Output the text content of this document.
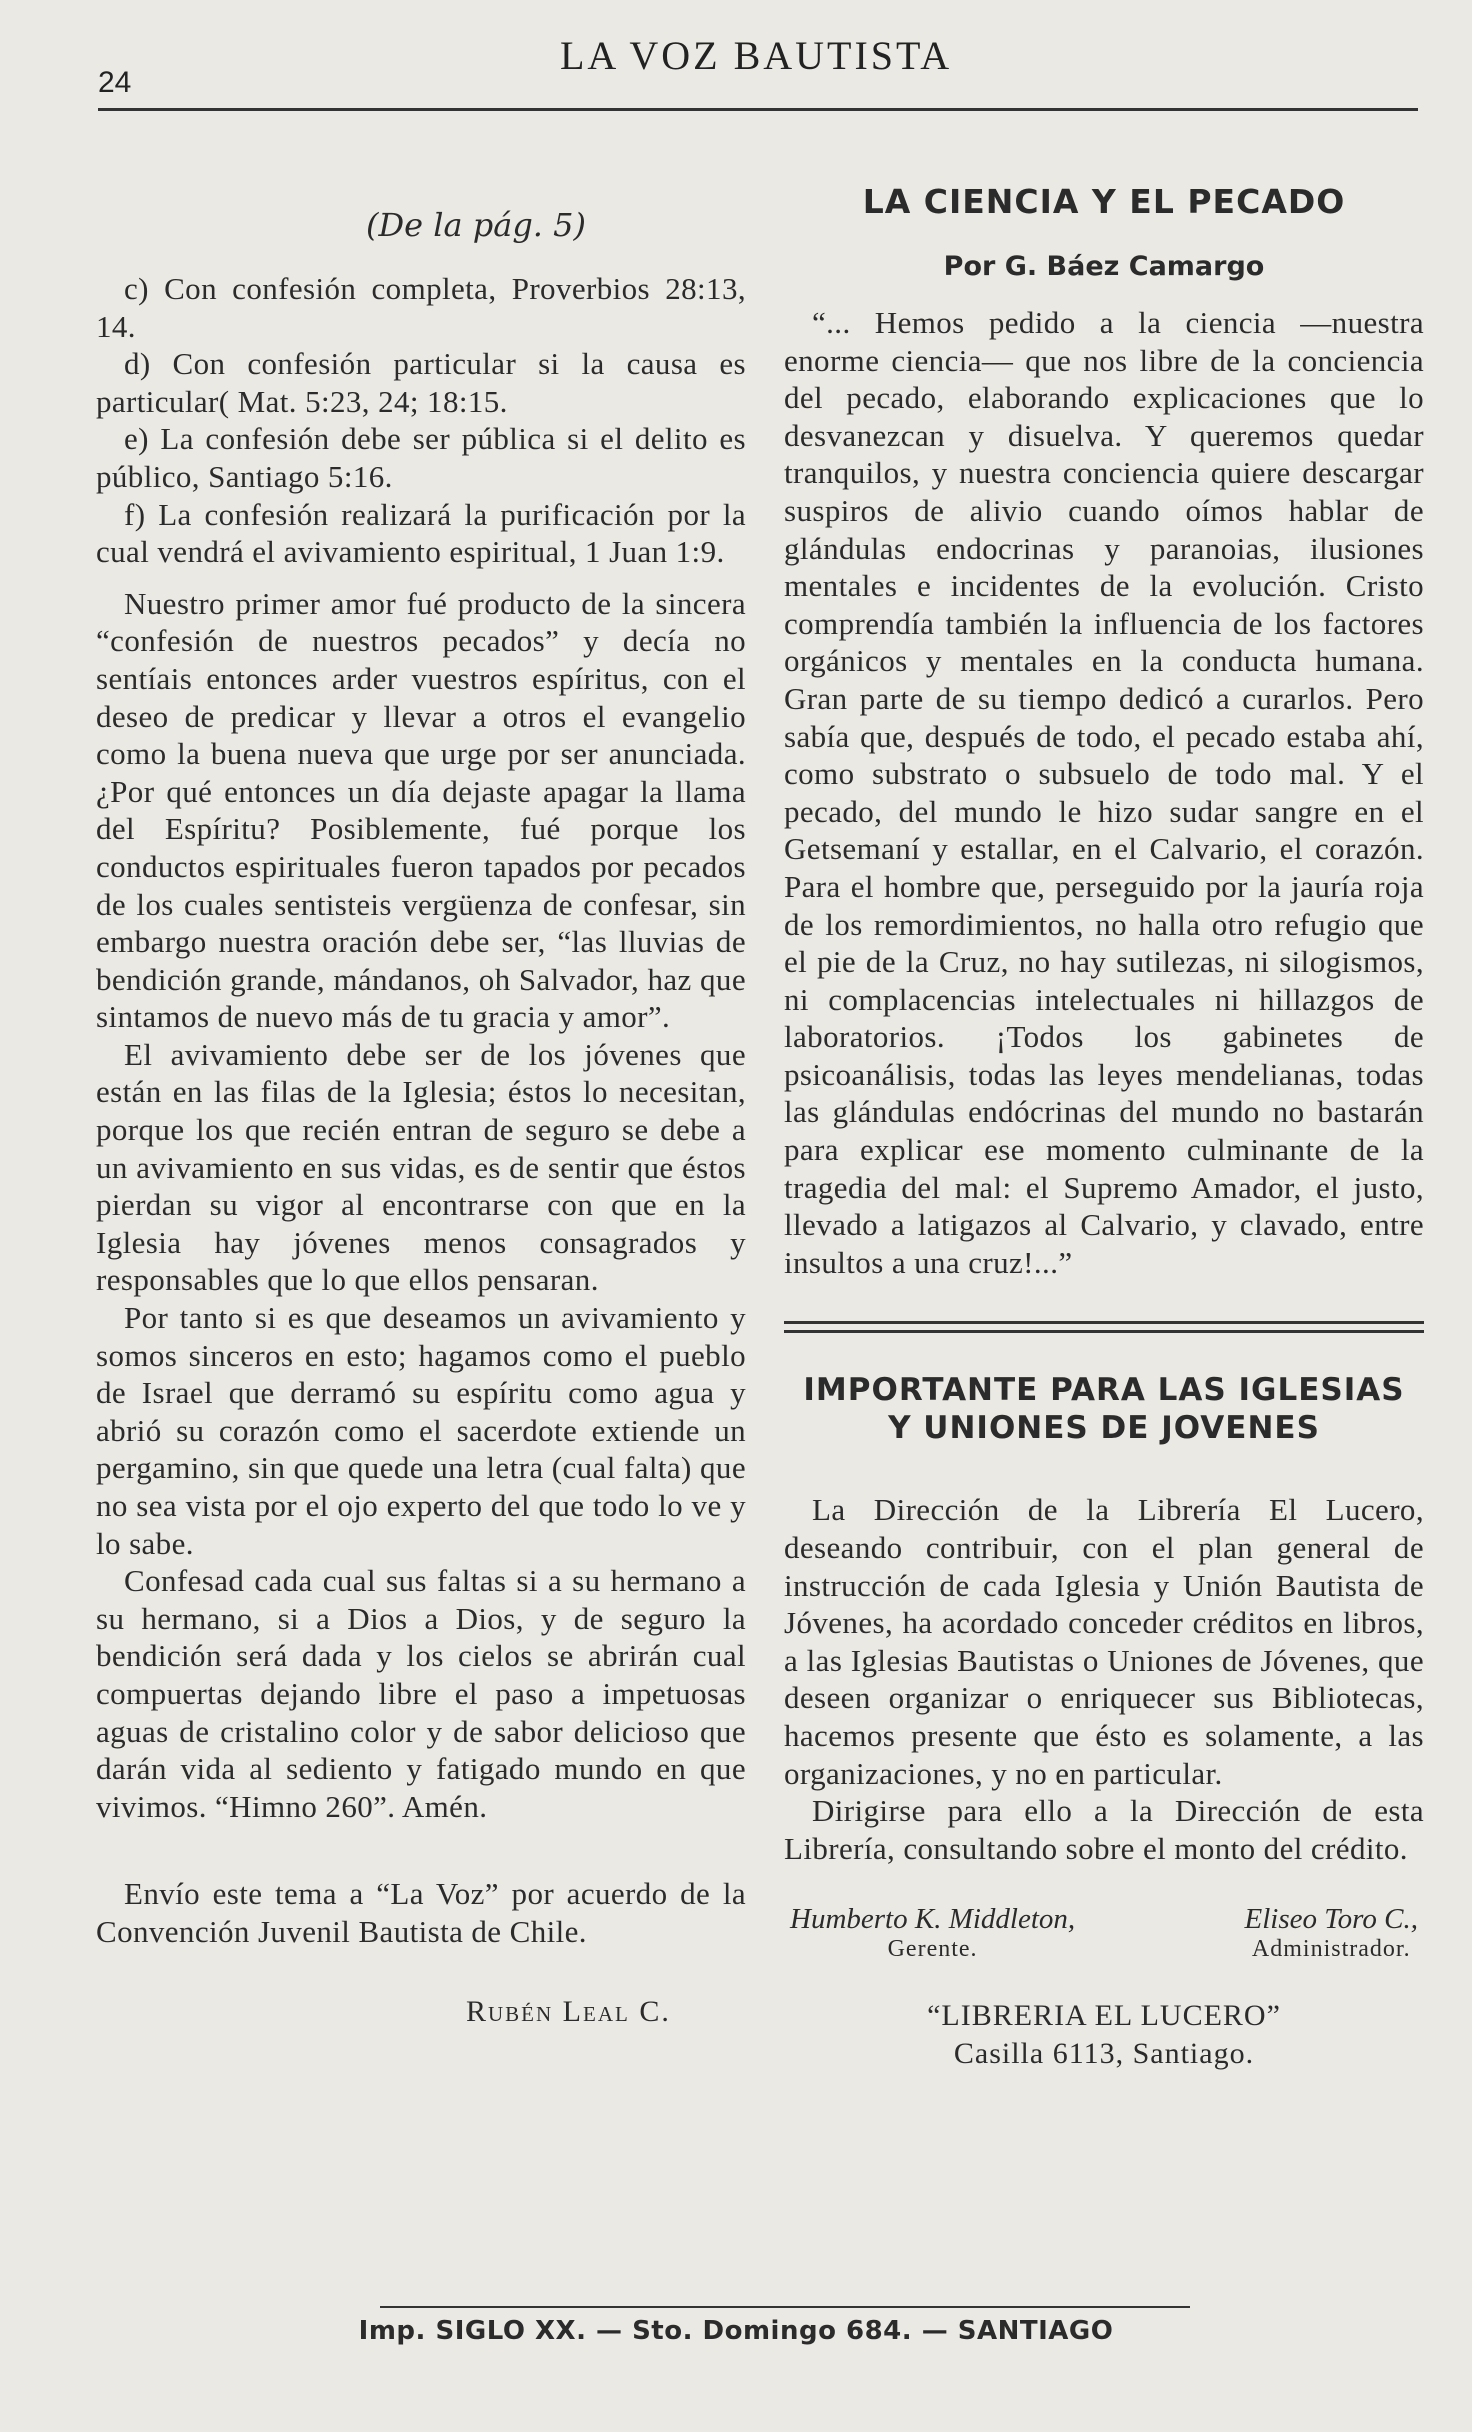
24
LA VOZ BAUTISTA
(De la pág. 5)

c) Con confesión completa, Proverbios 28:13, 14.

d) Con confesión particular si la causa es particular( Mat. 5:23, 24; 18:15.

e) La confesión debe ser pública si el delito es público, Santiago 5:16.

f) La confesión realizará la purificación por la cual vendrá el avivamiento espiritual, 1 Juan 1:9.

Nuestro primer amor fué producto de la sincera “confesión de nuestros pecados” y decía no sentíais entonces arder vuestros espíritus, con el deseo de predicar y llevar a otros el evangelio como la buena nueva que urge por ser anunciada. ¿Por qué entonces un día dejaste apagar la llama del Espíritu? Posiblemente, fué porque los conductos espirituales fueron tapados por pecados de los cuales sentisteis vergüenza de confesar, sin embargo nuestra oración debe ser, “las lluvias de bendición grande, mándanos, oh Salvador, haz que sintamos de nuevo más de tu gracia y amor”.

El avivamiento debe ser de los jóvenes que están en las filas de la Iglesia; éstos lo necesitan, porque los que recién entran de seguro se debe a un avivamiento en sus vidas, es de sentir que éstos pierdan su vigor al encontrarse con que en la Iglesia hay jóvenes menos consagrados y responsables que lo que ellos pensaran.

Por tanto si es que deseamos un avivamiento y somos sinceros en esto; hagamos como el pueblo de Israel que derramó su espíritu como agua y abrió su corazón como el sacerdote extiende un pergamino, sin que quede una letra (cual falta) que no sea vista por el ojo experto del que todo lo ve y lo sabe.

Confesad cada cual sus faltas si a su hermano a su hermano, si a Dios a Dios, y de seguro la bendición será dada y los cielos se abrirán cual compuertas dejando libre el paso a impetuosas aguas de cristalino color y de sabor delicioso que darán vida al sediento y fatigado mundo en que vivimos. “Himno 260”. Amén.

Envío este tema a “La Voz” por acuerdo de la Convención Juvenil Bautista de Chile.

Rubén Leal C.
LA CIENCIA Y EL PECADO
Por G. Báez Camargo

“... Hemos pedido a la ciencia —nuestra enorme ciencia— que nos libre de la conciencia del pecado, elaborando explicaciones que lo desvanezcan y disuelva. Y queremos quedar tranquilos, y nuestra conciencia quiere descargar suspiros de alivio cuando oímos hablar de glándulas endocrinas y paranoias, ilusiones mentales e incidentes de la evolución. Cristo comprendía también la influencia de los factores orgánicos y mentales en la conducta humana. Gran parte de su tiempo dedicó a curarlos. Pero sabía que, después de todo, el pecado estaba ahí, como substrato o subsuelo de todo mal. Y el pecado, del mundo le hizo sudar sangre en el Getsemaní y estallar, en el Calvario, el corazón. Para el hombre que, perseguido por la jauría roja de los remordimientos, no halla otro refugio que el pie de la Cruz, no hay sutilezas, ni silogismos, ni complacencias intelectuales ni hillazgos de laboratorios. ¡Todos los gabinetes de psicoanálisis, todas las leyes mendelianas, todas las glándulas endócrinas del mundo no bastarán para explicar ese momento culminante de la tragedia del mal: el Supremo Amador, el justo, llevado a latigazos al Calvario, y clavado, entre insultos a una cruz!...”

IMPORTANTE PARA LAS IGLESIAS
Y UNIONES DE JOVENES

La Dirección de la Librería El Lucero, deseando contribuir, con el plan general de instrucción de cada Iglesia y Unión Bautista de Jóvenes, ha acordado conceder créditos en libros, a las Iglesias Bautistas o Uniones de Jóvenes, que deseen organizar o enriquecer sus Bibliotecas, hacemos presente que ésto es solamente, a las organizaciones, y no en particular.

Dirigirse para ello a la Dirección de esta Librería, consultando sobre el monto del crédito.

Humberto K. Middleton,
Gerente.
Eliseo Toro C.,
Administrador.
“LIBRERIA EL LUCERO”
Casilla 6113, Santiago.
Imp. SIGLO XX. — Sto. Domingo 684. — SANTIAGO
